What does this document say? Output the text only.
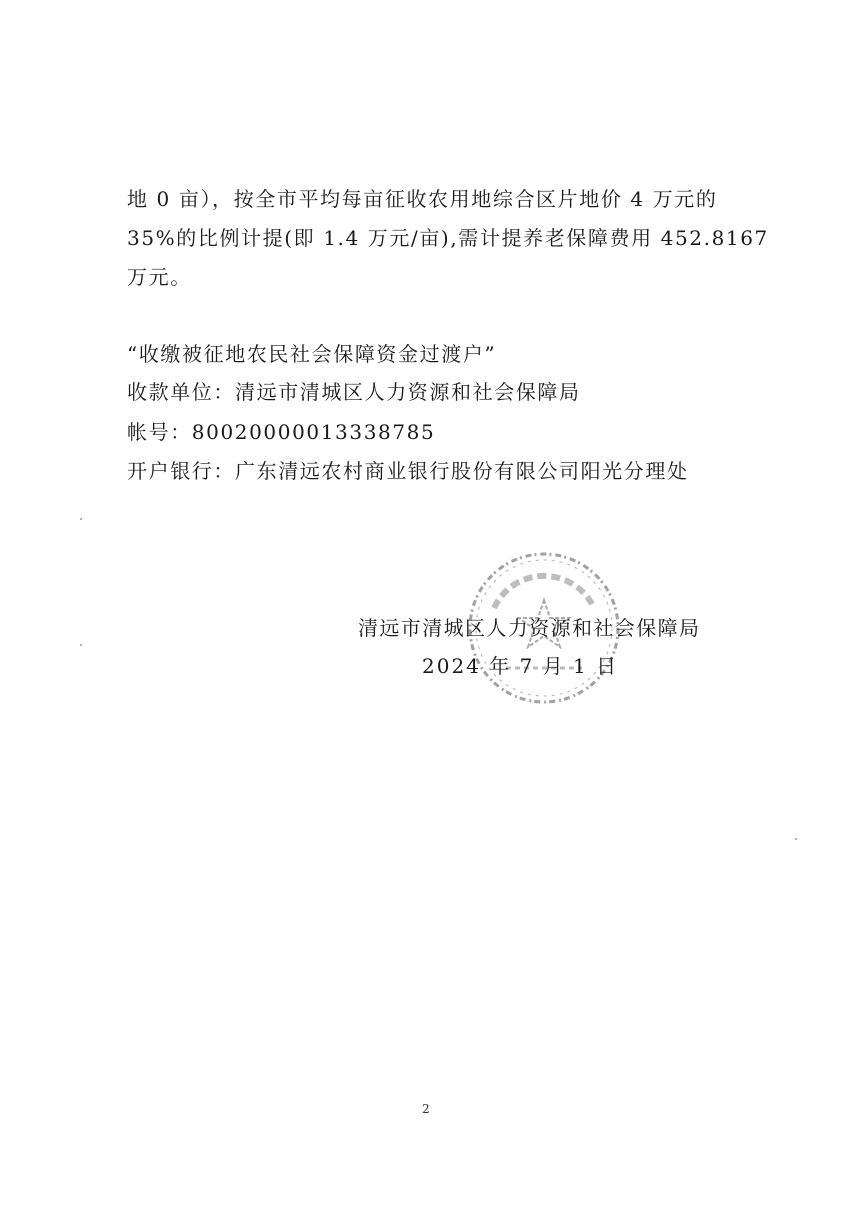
地 0 亩），按全市平均每亩征收农用地综合区片地价 4 万元的
35%的比例计提(即 1.4 万元/亩),需计提养老保障费用 452.8167
万元。
“收缴被征地农民社会保障资金过渡户”
收款单位：清远市清城区人力资源和社会保障局
帐号：80020000013338785
开户银行：广东清远农村商业银行股份有限公司阳光分理处
清远市清城区人力资源和社会保障局
2024 年 7 月 1 日
2
